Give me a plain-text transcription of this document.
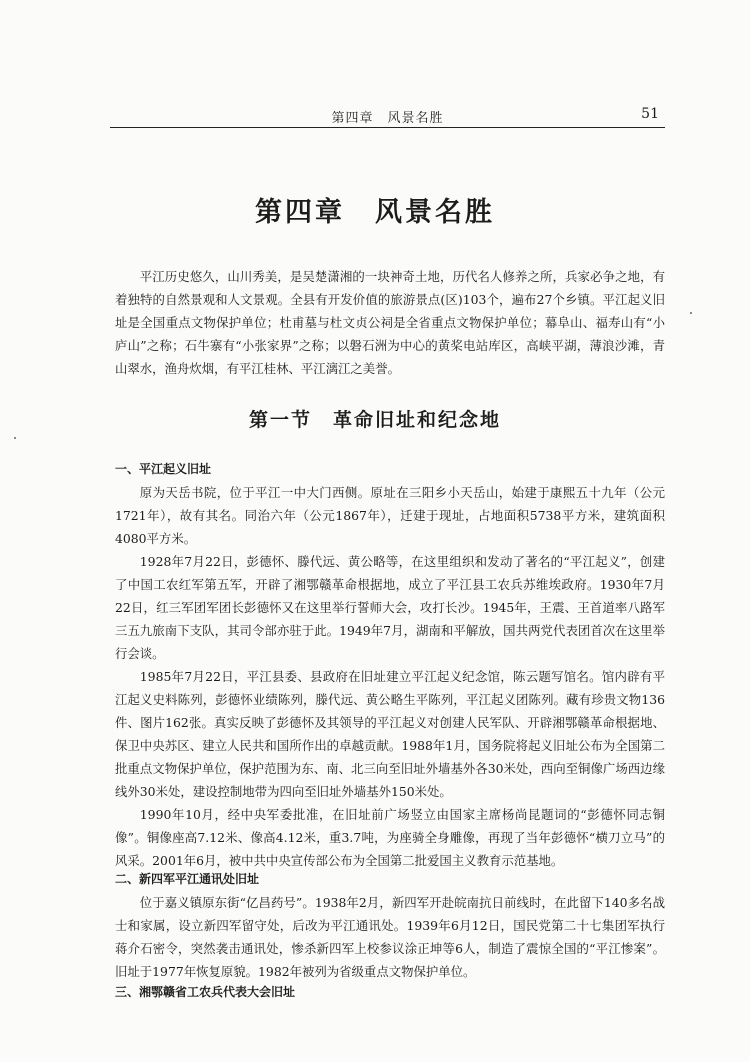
第四章　风景名胜	51
第四章　风景名胜

平江历史悠久，山川秀美，是吴楚潇湘的一块神奇土地，历代名人修养之所，兵家必争之地，有着独特的自然景观和人文景观。全县有开发价值的旅游景点(区)103个，遍布27个乡镇。平江起义旧址是全国重点文物保护单位；杜甫墓与杜文贞公祠是全省重点文物保护单位；幕阜山、福寿山有“小庐山”之称；石牛寨有“小张家界”之称；以磐石洲为中心的黄桨电站库区，高峡平湖，薄浪沙滩，青山翠水，渔舟炊烟，有平江桂林、平江漓江之美誉。

第一节　革命旧址和纪念地
一、平江起义旧址

原为天岳书院，位于平江一中大门西侧。原址在三阳乡小天岳山，始建于康熙五十九年（公元1721年），故有其名。同治六年（公元1867年），迁建于现址，占地面积5738平方米，建筑面积4080平方米。

1928年7月22日，彭德怀、滕代远、黄公略等，在这里组织和发动了著名的“平江起义”，创建了中国工农红军第五军，开辟了湘鄂赣革命根据地，成立了平江县工农兵苏维埃政府。1930年7月22日，红三军团军团长彭德怀又在这里举行誓师大会，攻打长沙。1945年，王震、王首道率八路军三五九旅南下支队，其司令部亦驻于此。1949年7月，湖南和平解放，国共两党代表团首次在这里举行会谈。

1985年7月22日，平江县委、县政府在旧址建立平江起义纪念馆，陈云题写馆名。馆内辟有平江起义史料陈列，彭德怀业绩陈列，滕代远、黄公略生平陈列，平江起义团陈列。藏有珍贵文物136件、图片162张。真实反映了彭德怀及其领导的平江起义对创建人民军队、开辟湘鄂赣革命根据地、保卫中央苏区、建立人民共和国所作出的卓越贡献。1988年1月，国务院将起义旧址公布为全国第二批重点文物保护单位，保护范围为东、南、北三向至旧址外墙基外各30米处，西向至铜像广场西边缘线外30米处，建设控制地带为四向至旧址外墙基外150米处。

1990年10月，经中央军委批准，在旧址前广场竖立由国家主席杨尚昆题词的“彭德怀同志铜像”。铜像座高7.12米、像高4.12米，重3.7吨，为座骑全身雕像，再现了当年彭德怀“横刀立马”的风采。2001年6月，被中共中央宣传部公布为全国第二批爱国主义教育示范基地。

二、新四军平江通讯处旧址

位于嘉义镇原东街“亿昌药号”。1938年2月，新四军开赴皖南抗日前线时，在此留下140多名战士和家属，设立新四军留守处，后改为平江通讯处。1939年6月12日，国民党第二十七集团军执行蒋介石密令，突然袭击通讯处，惨杀新四军上校参议涂正坤等6人，制造了震惊全国的“平江惨案”。旧址于1977年恢复原貌。1982年被列为省级重点文物保护单位。

三、湘鄂赣省工农兵代表大会旧址
